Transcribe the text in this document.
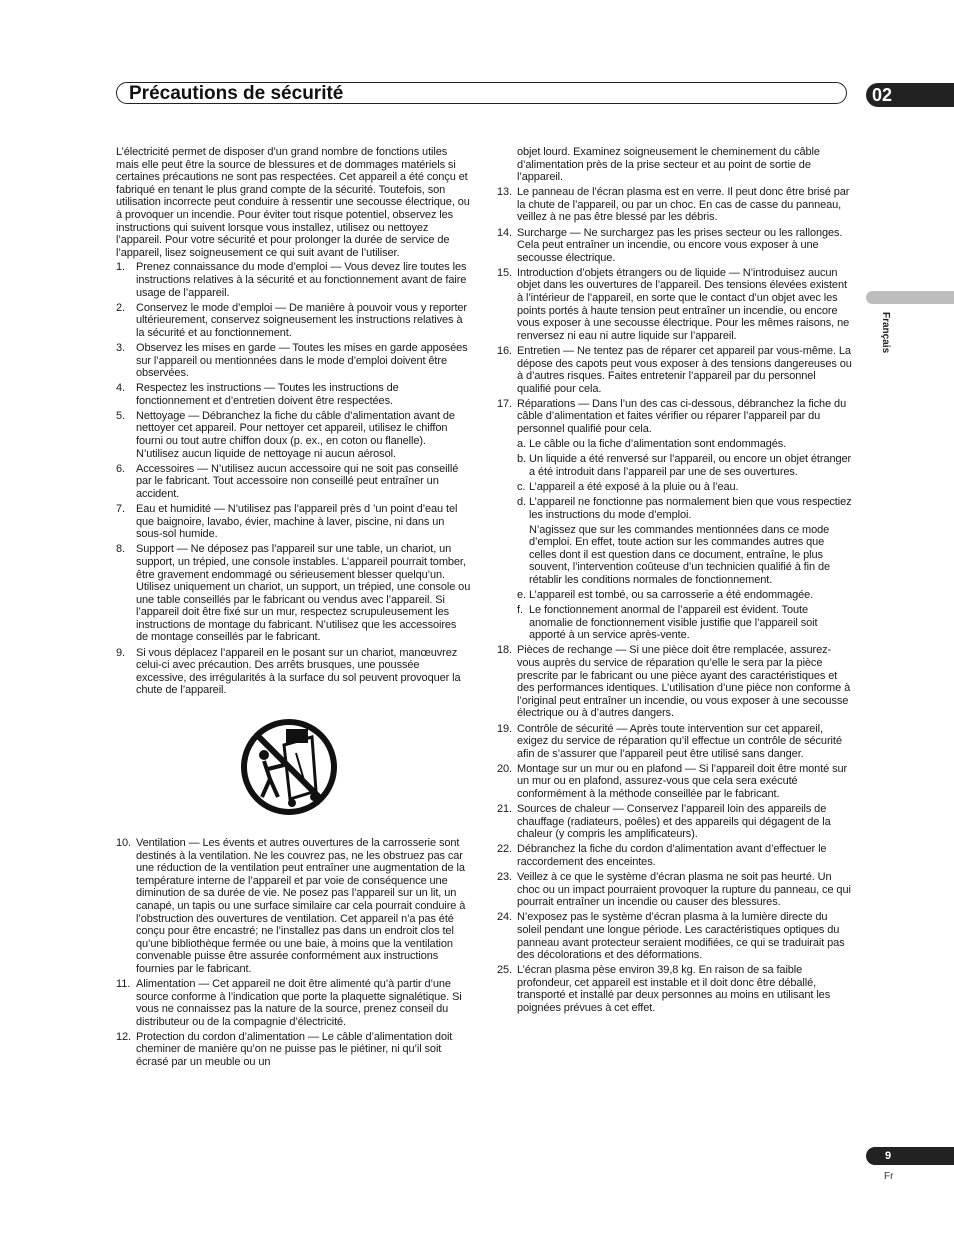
Précautions de sécurité	02
Français

L’électricité permet de disposer d’un grand nombre de fonctions utiles mais elle peut être la source de blessures et de dommages matériels si certaines précautions ne sont pas respectées. Cet appareil a été conçu et fabriqué en tenant le plus grand compte de la sécurité. Toutefois, son utilisation incorrecte peut conduire à ressentir une secousse électrique, ou à provoquer un incendie. Pour éviter tout risque potentiel, observez les instructions qui suivent lorsque vous installez, utilisez ou nettoyez l’appareil. Pour votre sécurité et pour prolonger la durée de service de l’appareil, lisez soigneusement ce qui suit avant de l’utiliser.

1. Prenez connaissance du mode d’emploi — Vous devez lire toutes les instructions relatives à la sécurité et au fonctionnement avant de faire usage de l’appareil.
2. Conservez le mode d’emploi — De manière à pouvoir vous y reporter ultérieurement, conservez soigneusement les instructions relatives à la sécurité et au fonctionnement.
3. Observez les mises en garde — Toutes les mises en garde apposées sur l’appareil ou mentionnées dans le mode d’emploi doivent être observées.
4. Respectez les instructions — Toutes les instructions de fonctionnement et d’entretien doivent être respectées.
5. Nettoyage — Débranchez la fiche du câble d’alimentation avant de nettoyer cet appareil. Pour nettoyer cet appareil, utilisez le chiffon fourni ou tout autre chiffon doux (p. ex., en coton ou flanelle). N’utilisez aucun liquide de nettoyage ni aucun aérosol.
6. Accessoires — N’utilisez aucun accessoire qui ne soit pas conseillé par le fabricant. Tout accessoire non conseillé peut entraîner un accident.
7. Eau et humidité — N’utilisez pas l’appareil près d ’un point d’eau tel que baignoire, lavabo, évier, machine à laver, piscine, ni dans un sous-sol humide.
8. Support — Ne déposez pas l’appareil sur une table, un chariot, un support, un trépied, une console instables. L’appareil pourrait tomber, être gravement endommagé ou sérieusement blesser quelqu’un. Utilisez uniquement un chariot, un support, un trépied, une console ou une table conseillés par le fabricant ou vendus avec l’appareil. Si l’appareil doit être fixé sur un mur, respectez scrupuleusement les instructions de montage du fabricant. N’utilisez que les accessoires de montage conseillés par le fabricant.
9. Si vous déplacez l’appareil en le posant sur un chariot, manœuvrez celui-ci avec précaution. Des arrêts brusques, une poussée excessive, des irrégularités à la surface du sol peuvent provoquer la chute de l’appareil.
10. Ventilation — Les évents et autres ouvertures de la carrosserie sont destinés à la ventilation. Ne les couvrez pas, ne les obstruez pas car une réduction de la ventilation peut entraîner une augmentation de la température interne de l’appareil et par voie de conséquence une diminution de sa durée de vie. Ne posez pas l’appareil sur un lit, un canapé, un tapis ou une surface similaire car cela pourrait conduire à l’obstruction des ouvertures de ventilation. Cet appareil n’a pas été conçu pour être encastré; ne l’installez pas dans un endroit clos tel qu’une bibliothèque fermée ou une baie, à moins que la ventilation convenable puisse être assurée conformément aux instructions fournies par le fabricant.
11. Alimentation — Cet appareil ne doit être alimenté qu’à partir d’une source conforme à l’indication que porte la plaquette signalétique. Si vous ne connaissez pas la nature de la source, prenez conseil du distributeur ou de la compagnie d’électricité.
12. Protection du cordon d’alimentation — Le câble d’alimentation doit cheminer de manière qu’on ne puisse pas le piétiner, ni qu’il soit écrasé par un meuble ou un

objet lourd. Examinez soigneusement le cheminement du câble d’alimentation près de la prise secteur et au point de sortie de l’appareil.

13. Le panneau de l’écran plasma est en verre. Il peut donc être brisé par la chute de l’appareil, ou par un choc. En cas de casse du panneau, veillez à ne pas être blessé par les débris.
14. Surcharge — Ne surchargez pas les prises secteur ou les rallonges. Cela peut entraîner un incendie, ou encore vous exposer à une secousse électrique.
15. Introduction d’objets étrangers ou de liquide — N’introduisez aucun objet dans les ouvertures de l’appareil. Des tensions élevées existent à l’intérieur de l’appareil, en sorte que le contact d’un objet avec les points portés à haute tension peut entraîner un incendie, ou encore vous exposer à une secousse électrique. Pour les mêmes raisons, ne renversez ni eau ni autre liquide sur l’appareil.
16. Entretien — Ne tentez pas de réparer cet appareil par vous-même. La dépose des capots peut vous exposer à des tensions dangereuses ou à d’autres risques. Faites entretenir l’appareil par du personnel qualifié pour cela.
17. Réparations — Dans l’un des cas ci-dessous, débranchez la fiche du câble d’alimentation et faites vérifier ou réparer l’appareil par du personnel qualifié pour cela.
a. Le câble ou la fiche d’alimentation sont endommagés.
b. Un liquide a été renversé sur l’appareil, ou encore un objet étranger a été introduit dans l’appareil par une de ses ouvertures.
c. L’appareil a été exposé à la pluie ou à l’eau.
d. L’appareil ne fonctionne pas normalement bien que vous respectiez les instructions du mode d’emploi.

N’agissez que sur les commandes mentionnées dans ce mode d’emploi. En effet, toute action sur les commandes autres que celles dont il est question dans ce document, entraîne, le plus souvent, l’intervention coûteuse d’un technicien qualifié à fin de rétablir les conditions normales de fonctionnement.

e. L’appareil est tombé, ou sa carrosserie a été endommagée.
f. Le fonctionnement anormal de l’appareil est évident. Toute anomalie de fonctionnement visible justifie que l’appareil soit apporté à un service après-vente.
18. Pièces de rechange — Si une pièce doit être remplacée, assurez-vous auprès du service de réparation qu’elle le sera par la pièce prescrite par le fabricant ou une pièce ayant des caractéristiques et des performances identiques. L’utilisation d’une pièce non conforme à l’original peut entraîner un incendie, ou vous exposer à une secousse électrique ou à d’autres dangers.
19. Contrôle de sécurité — Après toute intervention sur cet appareil, exigez du service de réparation qu’il effectue un contrôle de sécurité afin de s’assurer que l’appareil peut être utilisé sans danger.
20. Montage sur un mur ou en plafond — Si l’appareil doit être monté sur un mur ou en plafond, assurez-vous que cela sera exécuté conformément à la méthode conseillée par le fabricant.
21. Sources de chaleur — Conservez l’appareil loin des appareils de chauffage (radiateurs, poêles) et des appareils qui dégagent de la chaleur (y compris les amplificateurs).
22. Débranchez la fiche du cordon d’alimentation avant d’effectuer le raccordement des enceintes.
23. Veillez à ce que le système d’écran plasma ne soit pas heurté. Un choc ou un impact pourraient provoquer la rupture du panneau, ce qui pourrait entraîner un incendie ou causer des blessures.
24. N’exposez pas le système d’écran plasma à la lumière directe du soleil pendant une longue période. Les caractéristiques optiques du panneau avant protecteur seraient modifiées, ce qui se traduirait pas des décolorations et des déformations.
25. L’écran plasma pèse environ 39,8 kg. En raison de sa faible profondeur, cet appareil est instable et il doit donc être déballé, transporté et installé par deux personnes au moins en utilisant les poignées prévues à cet effet.
9
Fr
